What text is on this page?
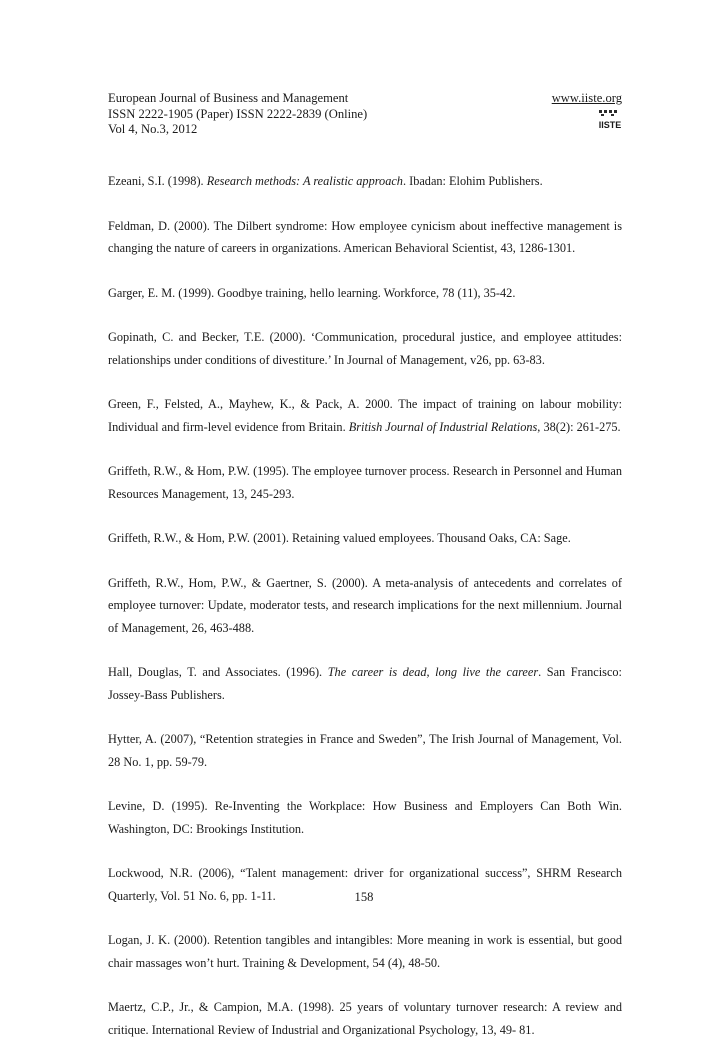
European Journal of Business and Management
ISSN 2222-1905 (Paper) ISSN 2222-2839 (Online)
Vol 4, No.3, 2012
www.iiste.org
IISTE

Ezeani, S.I. (1998). Research methods: A realistic approach. Ibadan: Elohim Publishers.

Feldman, D. (2000). The Dilbert syndrome: How employee cynicism about ineffective management is changing the nature of careers in organizations. American Behavioral Scientist, 43, 1286-1301.

Garger, E. M. (1999). Goodbye training, hello learning. Workforce, 78 (11), 35-42.

Gopinath, C. and Becker, T.E. (2000). ‘Communication, procedural justice, and employee attitudes: relationships under conditions of divestiture.’ In Journal of Management, v26, pp. 63-83.

Green, F., Felsted, A., Mayhew, K., & Pack, A. 2000. The impact of training on labour mobility: Individual and firm-level evidence from Britain. British Journal of Industrial Relations, 38(2): 261-275.

Griffeth, R.W., & Hom, P.W. (1995). The employee turnover process. Research in Personnel and Human Resources Management, 13, 245-293.

Griffeth, R.W., & Hom, P.W. (2001). Retaining valued employees. Thousand Oaks, CA: Sage.

Griffeth, R.W., Hom, P.W., & Gaertner, S. (2000). A meta-analysis of antecedents and correlates of employee turnover: Update, moderator tests, and research implications for the next millennium. Journal of Management, 26, 463-488.

Hall, Douglas, T. and Associates. (1996). The career is dead, long live the career. San Francisco: Jossey-Bass Publishers.

Hytter, A. (2007), “Retention strategies in France and Sweden”, The Irish Journal of Management, Vol. 28 No. 1, pp. 59-79.

Levine, D. (1995). Re-Inventing the Workplace: How Business and Employers Can Both Win. Washington, DC: Brookings Institution.

Lockwood, N.R. (2006), “Talent management: driver for organizational success”, SHRM Research Quarterly, Vol. 51 No. 6, pp. 1-11.

Logan, J. K. (2000). Retention tangibles and intangibles: More meaning in work is essential, but good chair massages won’t hurt. Training & Development, 54 (4), 48-50.

Maertz, C.P., Jr., & Campion, M.A. (1998). 25 years of voluntary turnover research: A review and critique. International Review of Industrial and Organizational Psychology, 13, 49- 81.

158
